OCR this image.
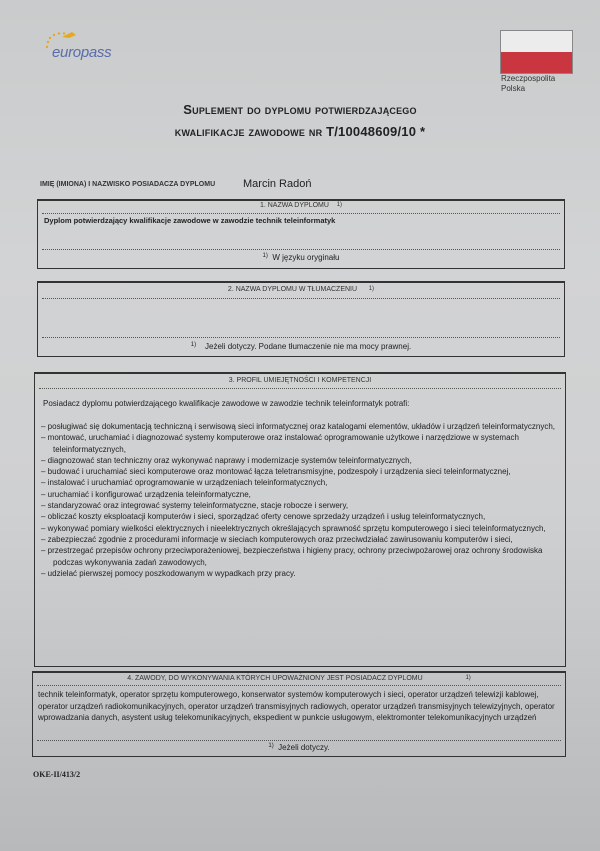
europass
Rzeczpospolita
Polska
Suplement do dyplomu potwierdzającego
kwalifikacje zawodowe nr T/10048609/10 *
IMIĘ (IMIONA) I NAZWISKO POSIADACZA DYPLOMU	Marcin Radoń
1. NAZWA DYPLOMU 1)
Dyplom potwierdzający kwalifikacje zawodowe w zawodzie technik teleinformatyk
$^{1)}$ W języku oryginału
2. NAZWA DYPLOMU W TŁUMACZENIU 1)
$^{1)}$ Jeżeli dotyczy. Podane tłumaczenie nie ma mocy prawnej.
3. PROFIL UMIEJĘTNOŚCI I KOMPETENCJI
Posiadacz dyplomu potwierdzającego kwalifikacje zawodowe w zawodzie technik teleinformatyk potrafi:
– posługiwać się dokumentacją techniczną i serwisową sieci informatycznej oraz katalogami elementów, układów i urządzeń teleinformatycznych,
– montować, uruchamiać i diagnozować systemy komputerowe oraz instalować oprogramowanie użytkowe i narzędziowe w systemach teleinformatycznych,
– diagnozować stan techniczny oraz wykonywać naprawy i modernizacje systemów teleinformatycznych,
– budować i uruchamiać sieci komputerowe oraz montować łącza teletransmisyjne, podzespoły i urządzenia sieci teleinformatycznej,
– instalować i uruchamiać oprogramowanie w urządzeniach teleinformatycznych,
– uruchamiać i konfigurować urządzenia teleinformatyczne,
– standaryzować oraz integrować systemy teleinformatyczne, stacje robocze i serwery,
– obliczać koszty eksploatacji komputerów i sieci, sporządzać oferty cenowe sprzedaży urządzeń i usług teleinformatycznych,
– wykonywać pomiary wielkości elektrycznych i nieelektrycznych określających sprawność sprzętu komputerowego i sieci teleinformatycznych,
– zabezpieczać zgodnie z procedurami informacje w sieciach komputerowych oraz przeciwdziałać zawirusowaniu komputerów i sieci,
– przestrzegać przepisów ochrony przeciwporażeniowej, bezpieczeństwa i higieny pracy, ochrony przeciwpożarowej oraz ochrony środowiska podczas wykonywania zadań zawodowych,
– udzielać pierwszej pomocy poszkodowanym w wypadkach przy pracy.
4. ZAWODY, DO WYKONYWANIA KTÓRYCH UPOWAŻNIONY JEST POSIADACZ DYPLOMU	1)
technik teleinformatyk, operator sprzętu komputerowego, konserwator systemów komputerowych i sieci, operator urządzeń telewizji kablowej, operator urządzeń radiokomunikacyjnych, operator urządzeń transmisyjnych radiowych, operator urządzeń transmisyjnych telewizyjnych, operator wprowadzania danych, asystent usług telekomunikacyjnych, ekspedient w punkcie usługowym, elektromonter telekomunikacyjnych urządzeń
$^{1)}$ Jeżeli dotyczy.
OKE-II/413/2
